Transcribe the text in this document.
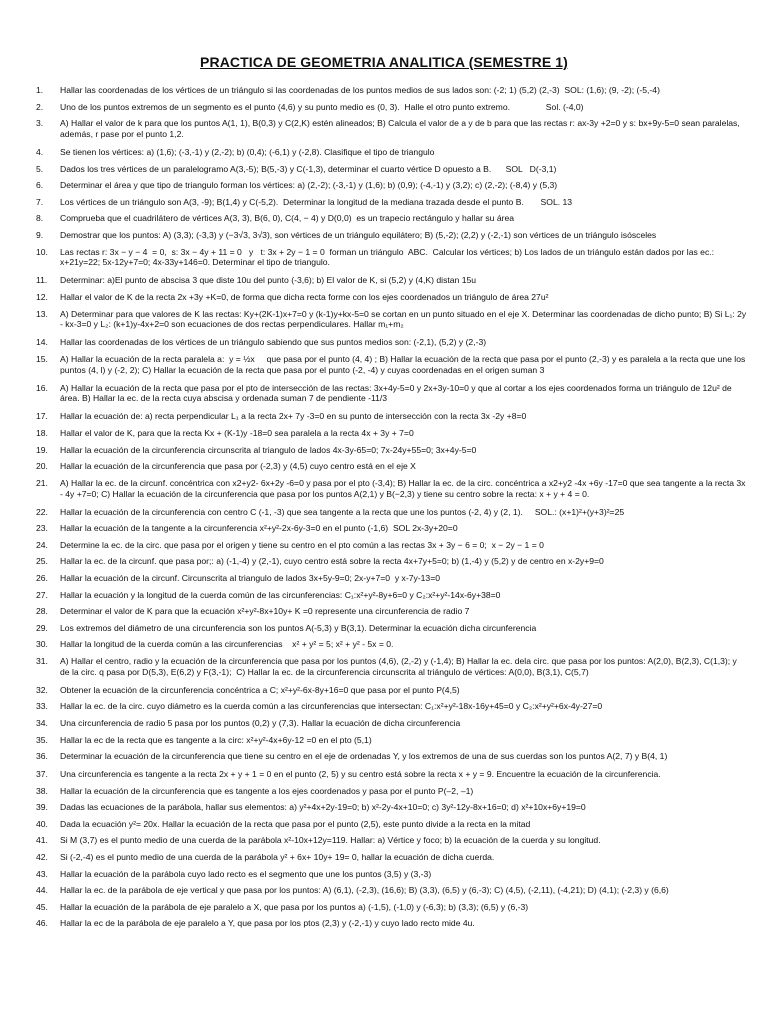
PRACTICA DE GEOMETRIA ANALITICA (SEMESTRE 1)
1.	Hallar las coordenadas de los vértices de un triángulo si las coordenadas de los puntos medios de sus lados son: (-2; 1) (5,2) (2,-3)  SOL: (1,6); (9, -2); (-5,-4)
2.	Uno de los puntos extremos de un segmento es el punto (4,6) y su punto medio es (0, 3).  Halle el otro punto extremo.               Sol. (-4,0)
3.	A) Hallar el valor de k para que los puntos A(1, 1), B(0,3) y C(2,K) estén alineados; B) Calcula el valor de a y de b para que las rectas r: ax-3y +2=0 y s: bx+9y-5=0 sean paralelas, además, r pase por el punto 1,2.
4.	Se tienen los vértices: a) (1,6); (-3,-1) y (2,-2); b) (0,4); (-6,1) y (-2,8). Clasifique el tipo de triangulo
5.	Dados los tres vértices de un paralelogramo A(3,-5); B(5,-3) y C(-1,3), determinar el cuarto vértice D opuesto a B.      SOL   D(-3,1)
6.	Determinar el área y que tipo de triangulo forman los vértices: a) (2,-2); (-3,-1) y (1,6); b) (0,9); (-4,-1) y (3,2); c) (2,-2); (-8,4) y (5,3)
7.	Los vértices de un triángulo son A(3, -9); B(1,4) y C(-5,2).  Determinar la longitud de la mediana trazada desde el punto B.       SOL. 13
8.	Comprueba que el cuadrilátero de vértices A(3, 3), B(6, 0), C(4, − 4) y D(0,0)  es un trapecio rectángulo y hallar su área
9.	Demostrar que los puntos: A) (3,3); (-3,3) y (−3√3, 3√3), son vértices de un triángulo equilátero; B) (5,-2); (2,2) y (-2,-1) son vértices de un triángulo isósceles
10.	Las rectas r: 3x − y − 4  = 0,  s: 3x − 4y + 11 = 0   y   t: 3x + 2y − 1 = 0  forman un triángulo  ABC.  Calcular los vértices; b) Los lados de un triángulo están dados por las ec.: x+21y=22; 5x-12y+7=0; 4x-33y+146=0. Determinar el tipo de triangulo.
11.	Determinar: a)El punto de abscisa 3 que diste 10u del punto (-3,6); b) El valor de K, si (5,2) y (4,K) distan 15u
12.	Hallar el valor de K de la recta 2x +3y +K=0, de forma que dicha recta forme con los ejes coordenados un triángulo de área 27u²
13.	A) Determinar para que valores de K las rectas: Ky+(2K-1)x+7=0 y (k-1)y+kx-5=0 se cortan en un punto situado en el eje X. Determinar las coordenadas de dicho punto; B) Si L₁: 2y - kx-3=0 y L₂: (k+1)y-4x+2=0 son ecuaciones de dos rectas perpendiculares. Hallar m₁+m₂
14.	Hallar las coordenadas de los vértices de un triángulo sabiendo que sus puntos medios son: (-2,1), (5,2) y (2,-3)
15.	A) Hallar la ecuación de la recta paralela a:  y = ½x     que pasa por el punto (4, 4) ; B) Hallar la ecuación de la recta que pasa por el punto (2,-3) y es paralela a la recta que une los puntos (4, l) y (-2, 2); C) Hallar la ecuación de la recta que pasa por el punto (-2, -4) y cuyas coordenadas en el origen suman 3
16.	A) Hallar la ecuación de la recta que pasa por el pto de intersección de las rectas: 3x+4y-5=0 y 2x+3y-10=0 y que al cortar a los ejes coordenados forma un triángulo de 12u² de área. B) Hallar la ec. de la recta cuya abscisa y ordenada suman 7 de pendiente -11/3
17.	Hallar la ecuación de: a) recta perpendicular L₁ a la recta 2x+ 7y -3=0 en su punto de intersección con la recta 3x -2y +8=0
18.	Hallar el valor de K, para que la recta Kx + (K-1)y -18=0 sea paralela a la recta 4x + 3y + 7=0
19.	Hallar la ecuación de la circunferencia circunscrita al triangulo de lados 4x-3y-65=0; 7x-24y+55=0; 3x+4y-5=0
20.	Hallar la ecuación de la circunferencia que pasa por (-2,3) y (4,5) cuyo centro está en el eje X
21.	A) Hallar la ec. de la circunf. concéntrica con x2+y2- 6x+2y -6=0 y pasa por el pto (-3,4); B) Hallar la ec. de la circ. concéntrica a x2+y2 -4x +6y -17=0 que sea tangente a la recta 3x - 4y +7=0; C) Hallar la ecuación de la circunferencia que pasa por los puntos A(2,1) y B(−2,3) y tiene su centro sobre la recta: x + y + 4 = 0.
22.	Hallar la ecuación de la circunferencia con centro C (-1, -3) que sea tangente a la recta que une los puntos (-2, 4) y (2, 1).     SOL.: (x+1)²+(y+3)²=25
23.	Hallar la ecuación de la tangente a la circunferencia x²+y²-2x-6y-3=0 en el punto (-1,6)  SOL 2x-3y+20=0
24.	Determine la ec. de la circ. que pasa por el origen y tiene su centro en el pto común a las rectas 3x + 3y − 6 = 0;  x − 2y − 1 = 0
25.	Hallar la ec. de la circunf. que pasa por;: a) (-1,-4) y (2,-1), cuyo centro está sobre la recta 4x+7y+5=0; b) (1,-4) y (5,2) y de centro en x-2y+9=0
26.	Hallar la ecuación de la circunf. Circunscrita al triangulo de lados 3x+5y-9=0; 2x-y+7=0  y x-7y-13=0
27.	Hallar la ecuación y la longitud de la cuerda común de las circunferencias: C₁:x²+y²-8y+6=0 y C₂:x²+y²-14x-6y+38=0
28.	Determinar el valor de K para que la ecuación x²+y²-8x+10y+ K =0 represente una circunferencia de radio 7
29.	Los extremos del diámetro de una circunferencia son los puntos A(-5,3) y B(3,1). Determinar la ecuación dicha circunferencia
30.	Hallar la longitud de la cuerda común a las circunferencias    x² + y² = 5; x² + y² - 5x = 0.
31.	A) Hallar el centro, radio y la ecuación de la circunferencia que pasa por los puntos (4,6), (2,-2) y (-1,4); B) Hallar la ec. dela circ. que pasa por los puntos: A(2,0), B(2,3), C(1,3); y de la circ. q pasa por D(5,3), E(6,2) y F(3,-1);  C) Hallar la ec. de la circunferencia circunscrita al triángulo de vértices: A(0,0), B(3,1), C(5,7)
32.	Obtener la ecuación de la circunferencia concéntrica a C; x²+y²-6x-8y+16=0 que pasa por el punto P(4,5)
33.	Hallar la ec. de la circ. cuyo diámetro es la cuerda común a las circunferencias que intersectan: C₁:x²+y²-18x-16y+45=0 y C₂:x²+y²+6x-4y-27=0
34.	Una circunferencia de radio 5 pasa por los puntos (0,2) y (7,3). Hallar la ecuación de dicha circunferencia
35.	Hallar la ec de la recta que es tangente a la circ: x²+y²-4x+6y-12 =0 en el pto (5,1)
36.	Determinar la ecuación de la circunferencia que tiene su centro en el eje de ordenadas Y, y los extremos de una de sus cuerdas son los puntos A(2, 7) y B(4, 1)
37.	Una circunferencia es tangente a la recta 2x + y + 1 = 0 en el punto (2, 5) y su centro está sobre la recta x + y = 9. Encuentre la ecuación de la circunferencia.
38.	Hallar la ecuación de la circunferencia que es tangente a los ejes coordenados y pasa por el punto P(–2, –1)
39.	Dadas las ecuaciones de la parábola, hallar sus elementos: a) y²+4x+2y-19=0; b) x²-2y-4x+10=0; c) 3y²-12y-8x+16=0; d) x²+10x+6y+19=0
40.	Dada la ecuación y²= 20x. Hallar la ecuación de la recta que pasa por el punto (2,5), este punto divide a la recta en la mitad
41.	Si M (3,7) es el punto medio de una cuerda de la parábola x²-10x+12y=119. Hallar: a) Vértice y foco; b) la ecuación de la cuerda y su longitud.
42.	Si (-2,-4) es el punto medio de una cuerda de la parábola y² + 6x+ 10y+ 19= 0, hallar la ecuación de dicha cuerda.
43.	Hallar la ecuación de la parábola cuyo lado recto es el segmento que une los puntos (3,5) y (3,-3)
44.	Hallar la ec. de la parábola de eje vertical y que pasa por los puntos: A) (6,1), (-2,3), (16,6); B) (3,3), (6,5) y (6,-3); C) (4,5), (-2,11), (-4,21); D) (4,1); (-2,3) y (6,6)
45.	Hallar la ecuación de la parábola de eje paralelo a X, que pasa por los puntos a) (-1,5), (-1,0) y (-6,3); b) (3,3); (6,5) y (6,-3)
46.	Hallar la ec de la parábola de eje paralelo a Y, que pasa por los ptos (2,3) y (-2,-1) y cuyo lado recto mide 4u.
